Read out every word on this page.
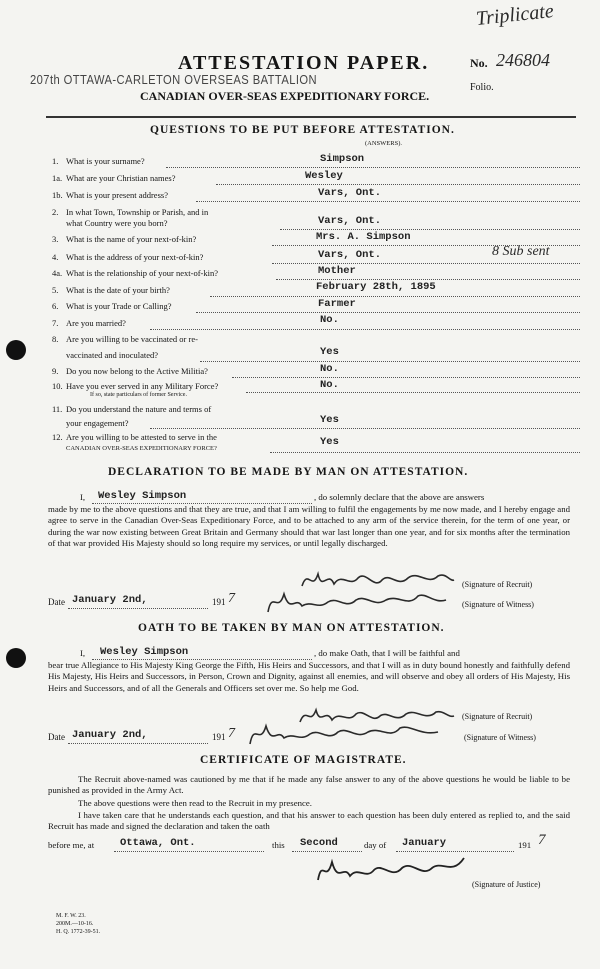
Triplicate
ATTESTATION PAPER.	No. 246804
Folio.
207th OTTAWA-CARLETON OVERSEAS BATTALION
CANADIAN OVER-SEAS EXPEDITIONARY FORCE.
QUESTIONS TO BE PUT BEFORE ATTESTATION.
(ANSWERS).
1. What is your surname?	Simpson
1a. What are your Christian names?	Wesley
1b. What is your present address?	Vars, Ont.
2. In what Town, Township or Parish, and in
what Country were you born?	Vars, Ont.
3. What is the name of your next-of-kin?	Mrs. A. Simpson
4. What is the address of your next-of-kin?	Vars, Ont.	8 Sub sent
4a. What is the relationship of your next-of-kin?	Mother
5. What is the date of your birth?	February 28th, 1895
6. What is your Trade or Calling?	Farmer
7. Are you married?	No.
8. Are you willing to be vaccinated or re-
vaccinated and inoculated?	Yes
9. Do you now belong to the Active Militia?	No.
10. Have you ever served in any Military Force?
If so, state particulars of former Service.
No.
11. Do you understand the nature and terms of
your engagement?	Yes
12. Are you willing to be attested to serve in the
CANADIAN OVER-SEAS EXPEDITIONARY FORCE?
Yes
DECLARATION TO BE MADE BY MAN ON ATTESTATION.
I, Wesley Simpson	, do solemnly declare that the above are answers
made by me to the above questions and that they are true, and that I am willing to fulfil the engagements by me now made, and I hereby engage and agree to serve in the Canadian Over-Seas Expeditionary Force, and to be attached to any arm of the service therein, for the term of one year, or during the war now existing between Great Britain and Germany should that war last longer than one year, and for six months after the termination of that war provided His Majesty should so long require my services, or until legally discharged.
(Signature of Recruit)
Date January 2nd,	191 7	(Signature of Witness)
OATH TO BE TAKEN BY MAN ON ATTESTATION.
I, Wesley Simpson	, do make Oath, that I will be faithful and
bear true Allegiance to His Majesty King George the Fifth, His Heirs and Successors, and that I will as in duty bound honestly and faithfully defend His Majesty, His Heirs and Successors, in Person, Crown and Dignity, against all enemies, and will observe and obey all orders of His Majesty, His Heirs and Successors, and of all the Generals and Officers set over me. So help me God.
(Signature of Recruit)
Date January 2nd,	191 7	(Signature of Witness)
CERTIFICATE OF MAGISTRATE.
The Recruit above-named was cautioned by me that if he made any false answer to any of the above questions he would be liable to be punished as provided in the Army Act.
The above questions were then read to the Recruit in my presence.
I have taken care that he understands each question, and that his answer to each question has been duly entered as replied to, and the said Recruit has made and signed the declaration and taken the oath
before me, at Ottawa, Ont.	this Second	day of January	191 7
(Signature of Justice)
M. F. W. 23.
200M.—10-16.
H. Q. 1772-39-51.
